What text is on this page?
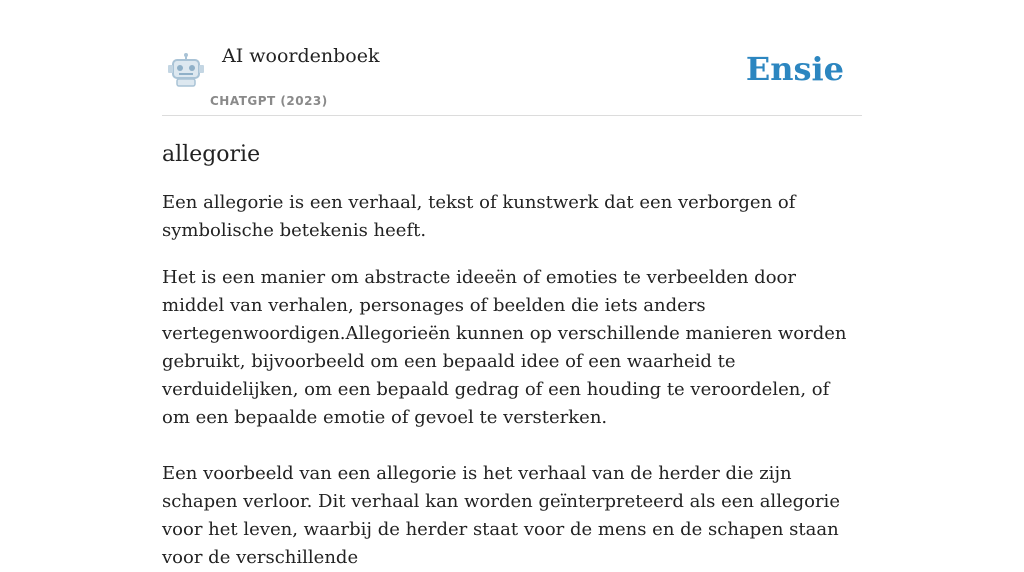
AI woordenboek
CHATGPT (2023)
Ensie
allegorie

Een allegorie is een verhaal, tekst of kunstwerk dat een verborgen of symbolische betekenis heeft.

Het is een manier om abstracte ideeën of emoties te verbeelden door middel van verhalen, personages of beelden die iets anders vertegenwoordigen.Allegorieën kunnen op verschillende manieren worden gebruikt, bijvoorbeeld om een bepaald idee of een waarheid te verduidelijken, om een bepaald gedrag of een houding te veroordelen, of om een bepaalde emotie of gevoel te versterken.

Een voorbeeld van een allegorie is het verhaal van de herder die zijn schapen verloor. Dit verhaal kan worden geïnterpreteerd als een allegorie voor het leven, waarbij de herder staat voor de mens en de schapen staan voor de verschillende
